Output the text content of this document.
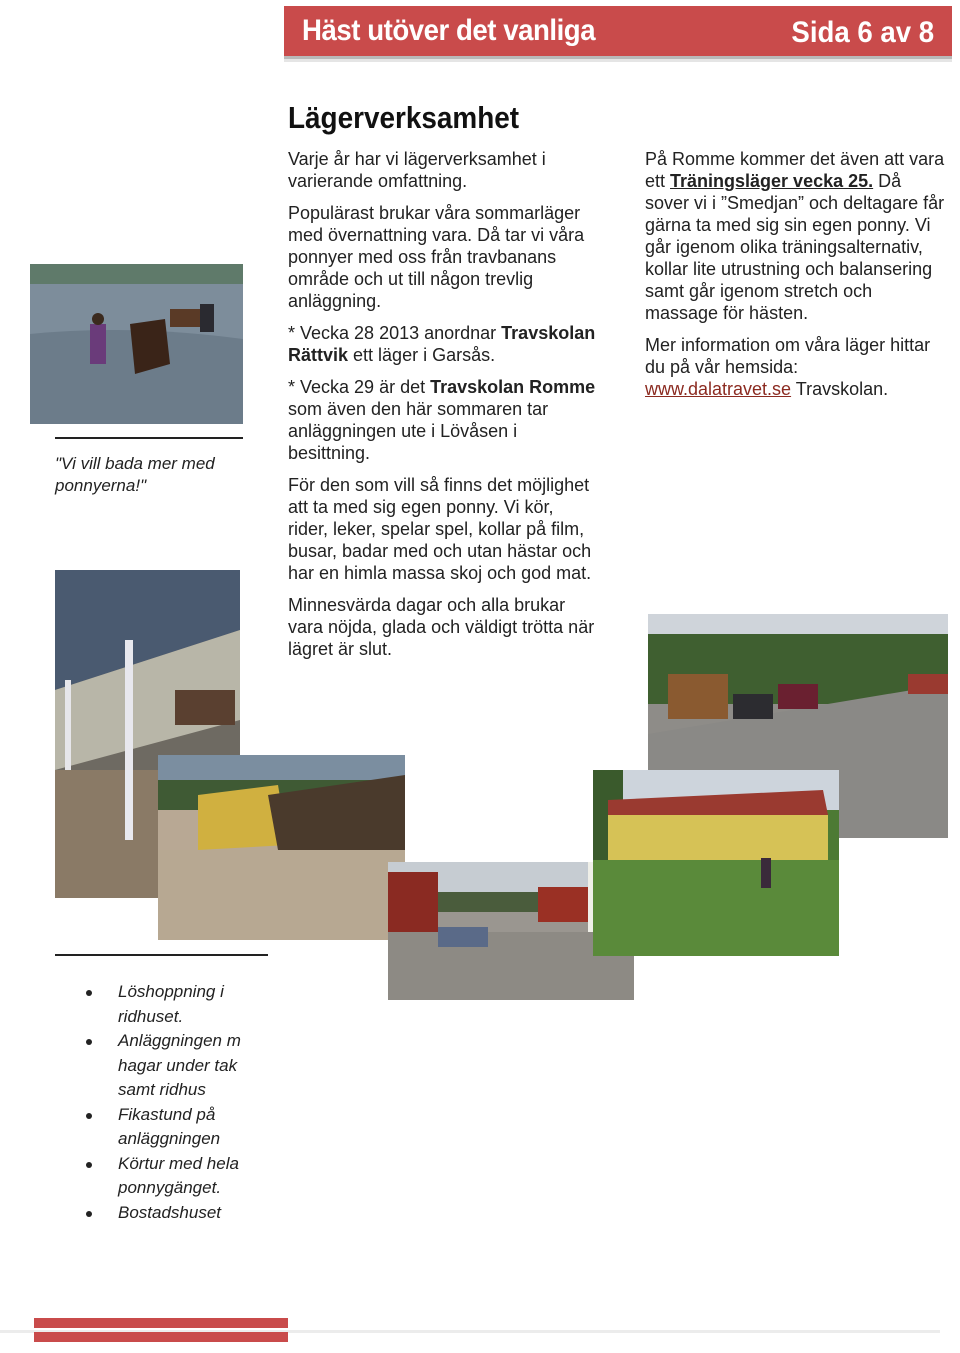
Häst utöver det vanliga	Sida 6 av 8
Lägerverksamhet

Varje år har vi lägerverksamhet i varierande omfattning.

Populärast brukar våra sommarläger med övernattning vara. Då tar vi våra ponnyer med oss från travbanans område och ut till någon trevlig anläggning.

* Vecka 28 2013 anordnar Travskolan Rättvik ett läger i Garsås.

* Vecka 29 är det Travskolan Romme som även den här sommaren tar anläggningen ute i Lövåsen i besittning.

För den som vill så finns det möjlighet att ta med sig egen ponny. Vi kör, rider, leker, spelar spel, kollar på film, busar, badar med och utan hästar och har en himla massa skoj och god mat.

Minnesvärda dagar och alla brukar vara nöjda, glada och väldigt trötta när lägret är slut.

På Romme kommer det även att vara ett Träningsläger vecka 25. Då sover vi i ”Smedjan” och deltagare får gärna ta med sig sin egen ponny. Vi går igenom olika träningsalternativ, kollar lite utrustning och balansering samt går igenom stretch och massage för hästen.

Mer information om våra läger hittar du på vår hemsida: www.dalatravet.se Travskolan.

"Vi vill bada mer med ponnyerna!"
Löshoppning i ridhuset.
Anläggningen m hagar under tak samt ridhus
Fikastund på anläggningen
Körtur med hela ponnygänget.
Bostadshuset
